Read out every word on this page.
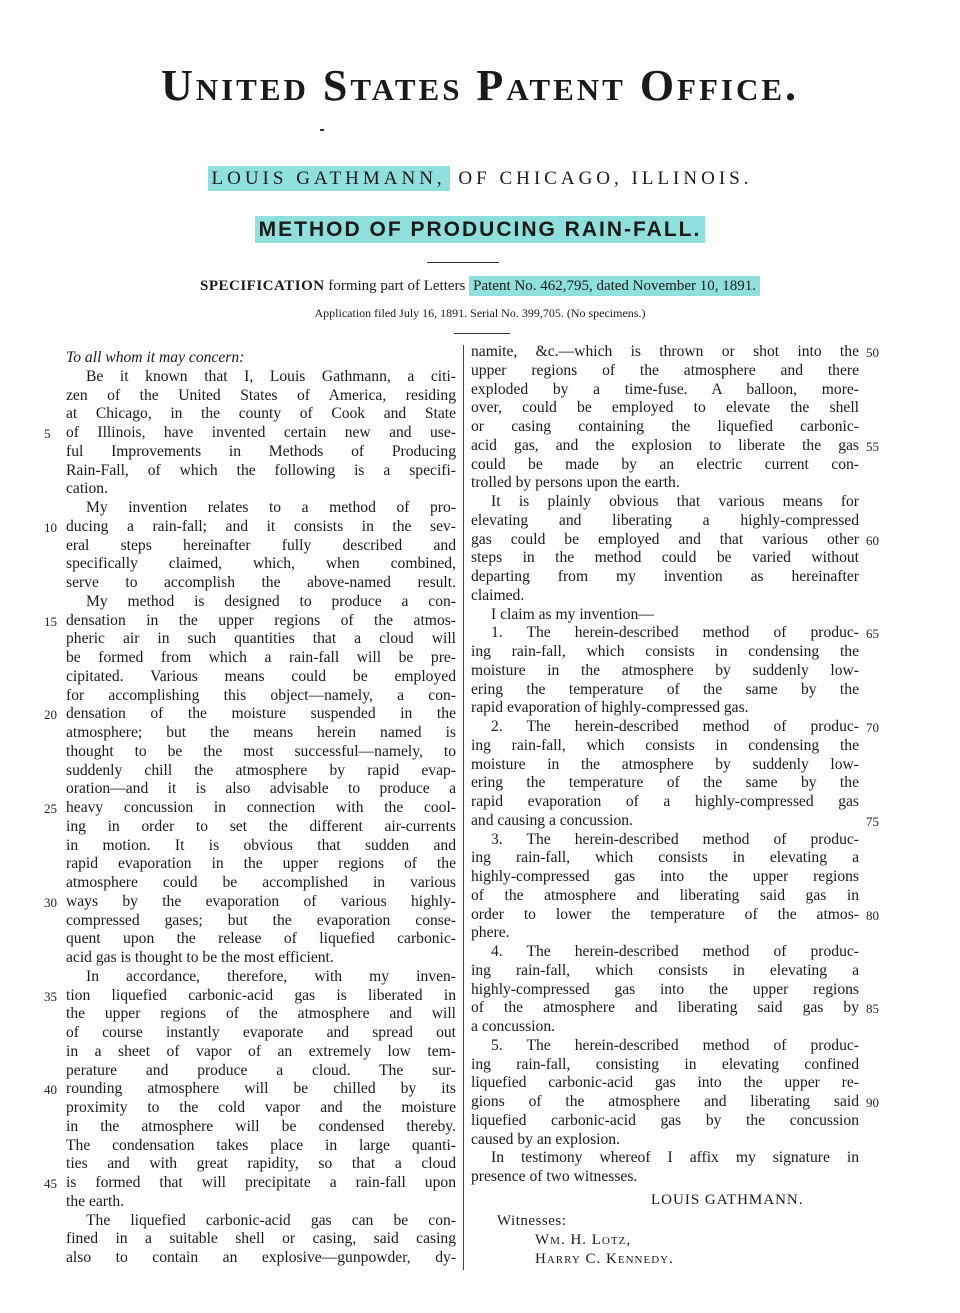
United States Patent Office.
LOUIS GATHMANN, OF CHICAGO, ILLINOIS.
METHOD OF PRODUCING RAIN-FALL.
SPECIFICATION forming part of Letters Patent No. 462,795, dated November 10, 1891.
Application filed July 16, 1891. Serial No. 399,705. (No specimens.)
To all whom it may concern:
Be it known that I, Louis Gathmann, a citi-
zen of the United States of America, residing
at Chicago, in the county of Cook and State
of Illinois, have invented certain new and use-
ful Improvements in Methods of Producing
Rain-Fall, of which the following is a specifi-
cation.
My invention relates to a method of pro-
ducing a rain-fall; and it consists in the sev-
eral steps hereinafter fully described and
specifically claimed, which, when combined,
serve to accomplish the above-named result.
My method is designed to produce a con-
densation in the upper regions of the atmos-
pheric air in such quantities that a cloud will
be formed from which a rain-fall will be pre-
cipitated. Various means could be employed
for accomplishing this object—namely, a con-
densation of the moisture suspended in the
atmosphere; but the means herein named is
thought to be the most successful—namely, to
suddenly chill the atmosphere by rapid evap-
oration—and it is also advisable to produce a
heavy concussion in connection with the cool-
ing in order to set the different air-currents
in motion. It is obvious that sudden and
rapid evaporation in the upper regions of the
atmosphere could be accomplished in various
ways by the evaporation of various highly-
compressed gases; but the evaporation conse-
quent upon the release of liquefied carbonic-
acid gas is thought to be the most efficient.
In accordance, therefore, with my inven-
tion liquefied carbonic-acid gas is liberated in
the upper regions of the atmosphere and will
of course instantly evaporate and spread out
in a sheet of vapor of an extremely low tem-
perature and produce a cloud. The sur-
rounding atmosphere will be chilled by its
proximity to the cold vapor and the moisture
in the atmosphere will be condensed thereby.
The condensation takes place in large quanti-
ties and with great rapidity, so that a cloud
is formed that will precipitate a rain-fall upon
the earth.
The liquefied carbonic-acid gas can be con-
fined in a suitable shell or casing, said casing
also to contain an explosive—gunpowder, dy-
namite, &c.—which is thrown or shot into the
upper regions of the atmosphere and there
exploded by a time-fuse. A balloon, more-
over, could be employed to elevate the shell
or casing containing the liquefied carbonic-
acid gas, and the explosion to liberate the gas
could be made by an electric current con-
trolled by persons upon the earth.
It is plainly obvious that various means for
elevating and liberating a highly-compressed
gas could be employed and that various other
steps in the method could be varied without
departing from my invention as hereinafter
claimed.
I claim as my invention—
1. The herein-described method of produc-
ing rain-fall, which consists in condensing the
moisture in the atmosphere by suddenly low-
ering the temperature of the same by the
rapid evaporation of highly-compressed gas.
2. The herein-described method of produc-
ing rain-fall, which consists in condensing the
moisture in the atmosphere by suddenly low-
ering the temperature of the same by the
rapid evaporation of a highly-compressed gas
and causing a concussion.
3. The herein-described method of produc-
ing rain-fall, which consists in elevating a
highly-compressed gas into the upper regions
of the atmosphere and liberating said gas in
order to lower the temperature of the atmos-
phere.
4. The herein-described method of produc-
ing rain-fall, which consists in elevating a
highly-compressed gas into the upper regions
of the atmosphere and liberating said gas by
a concussion.
5. The herein-described method of produc-
ing rain-fall, consisting in elevating confined
liquefied carbonic-acid gas into the upper re-
gions of the atmosphere and liberating said
liquefied carbonic-acid gas by the concussion
caused by an explosion.
In testimony whereof I affix my signature in
presence of two witnesses.
5
10
15
20
25
30
35
40
45
50
55
60
65
70
75
80
85
90
LOUIS GATHMANN.
Witnesses:
Wm. H. Lotz,
Harry C. Kennedy.
